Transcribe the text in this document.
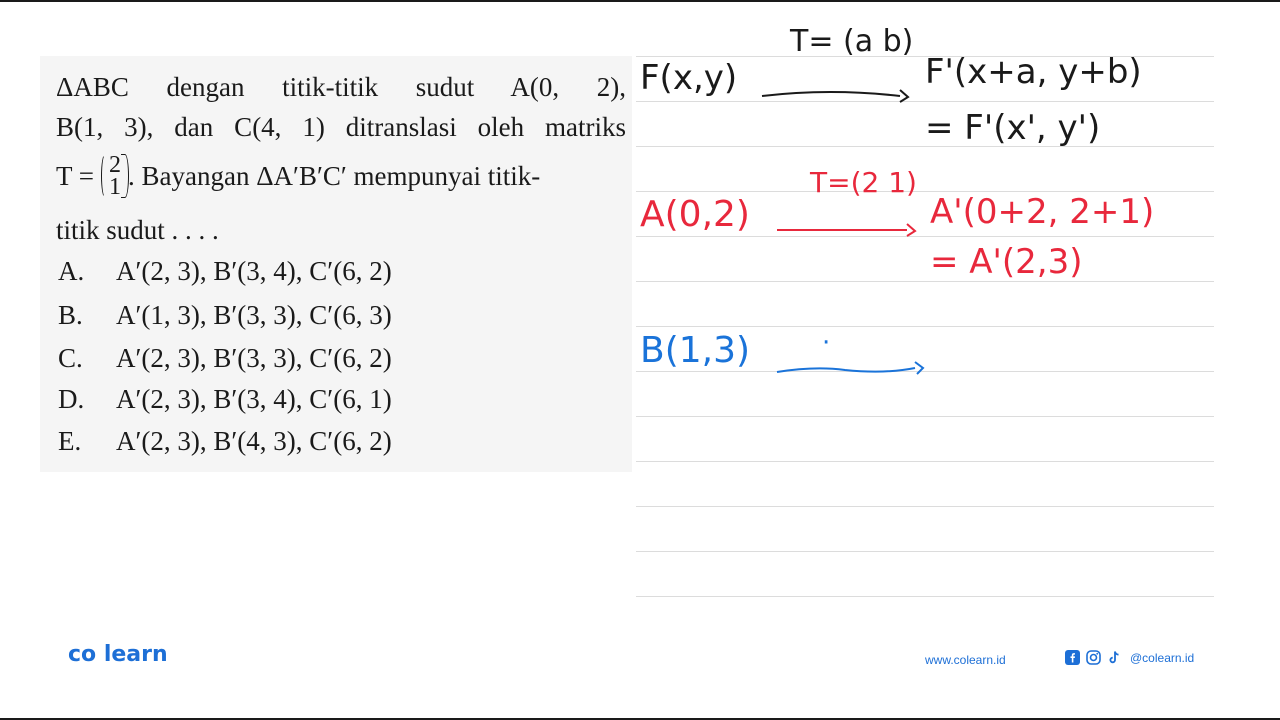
ΔABC dengan titik-titik sudut A(0, 2),
B(1, 3), dan C(4, 1) ditranslasi oleh matriks
T = 2
1 . Bayangan ΔA′B′C′ mempunyai titik-
titik sudut . . . .
A. A′(2, 3), B′(3, 4), C′(6, 2)
B. A′(1, 3), B′(3, 3), C′(6, 3)
C. A′(2, 3), B′(3, 3), C′(6, 2)
D. A′(2, 3), B′(3, 4), C′(6, 1)
E. A′(2, 3), B′(4, 3), C′(6, 2)
F(x,y)
T= (a b)
F'(x+a, y+b)
= F'(x', y')
A(0,2)
T=(2 1)
A'(0+2, 2+1)
= A'(2,3)
B(1,3)	·
co learn	www.colearn.id	@colearn.id
